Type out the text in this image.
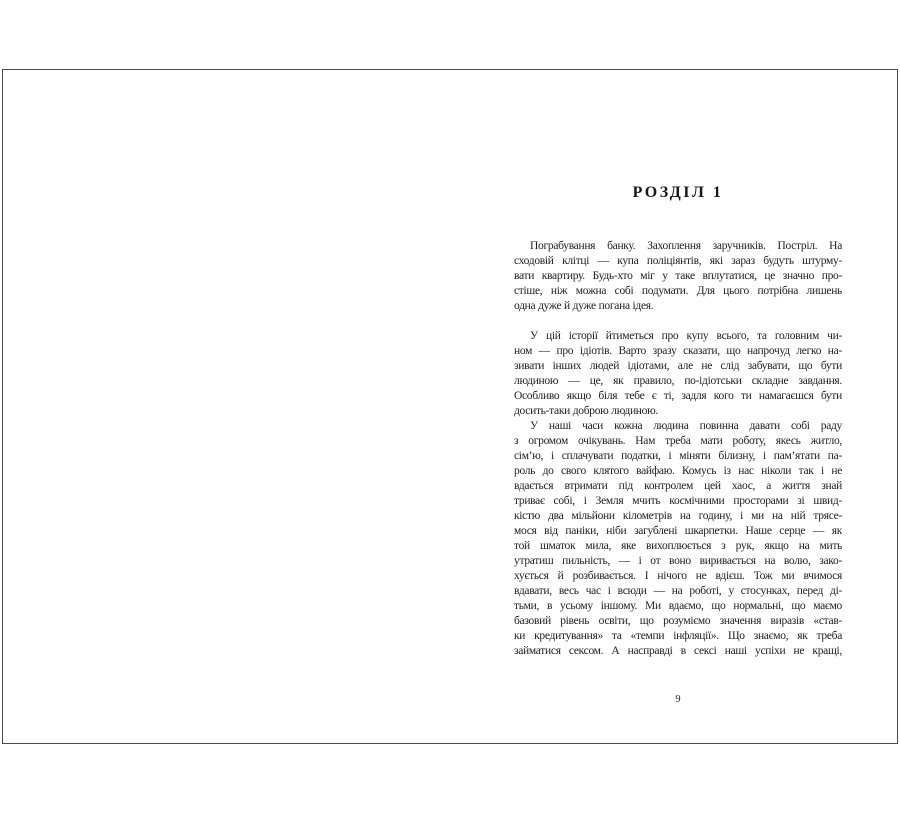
РОЗДІЛ 1
Пограбування банку. Захоплення заручників. Постріл. На
сходовій клітці — купа поліціянтів, які зараз будуть штурму-
вати квартиру. Будь-хто міг у таке вплутатися, це значно про-
стіше, ніж можна собі подумати. Для цього потрібна лишень
одна дуже й дуже погана ідея.
У цій історії йтиметься про купу всього, та головним чи-
ном — про ідіотів. Варто зразу сказати, що напрочуд легко на-
зивати інших людей ідіотами, але не слід забувати, що бути
людиною — це, як правило, по-ідіотськи складне завдання.
Особливо якщо біля тебе є ті, задля кого ти намагаєшся бути
досить-таки доброю людиною.
У наші часи кожна людина повинна давати собі раду
з огромом очікувань. Нам треба мати роботу, якесь житло,
сім’ю, і сплачувати податки, і міняти білизну, і пам’ятати па-
роль до свого клятого вайфаю. Комусь із нас ніколи так і не
вдається втримати під контролем цей хаос, а життя знай
триває собі, і Земля мчить космічними просторами зі швид-
кістю два мільйони кілометрів на годину, і ми на ній трясе-
мося від паніки, ніби загублені шкарпетки. Наше серце — як
той шматок мила, яке вихоплюється з рук, якщо на мить
утратиш пильність, — і от воно виривається на волю, зако-
хується й розбивається. І нічого не вдієш. Тож ми вчимося
вдавати, весь час і всюди — на роботі, у стосунках, перед ді-
тьми, в усьому іншому. Ми вдаємо, що нормальні, що маємо
базовий рівень освіти, що розуміємо значення виразів «став-
ки кредитування» та «темпи інфляції». Що знаємо, як треба
займатися сексом. А насправді в сексі наші успіхи не кращі,
9
